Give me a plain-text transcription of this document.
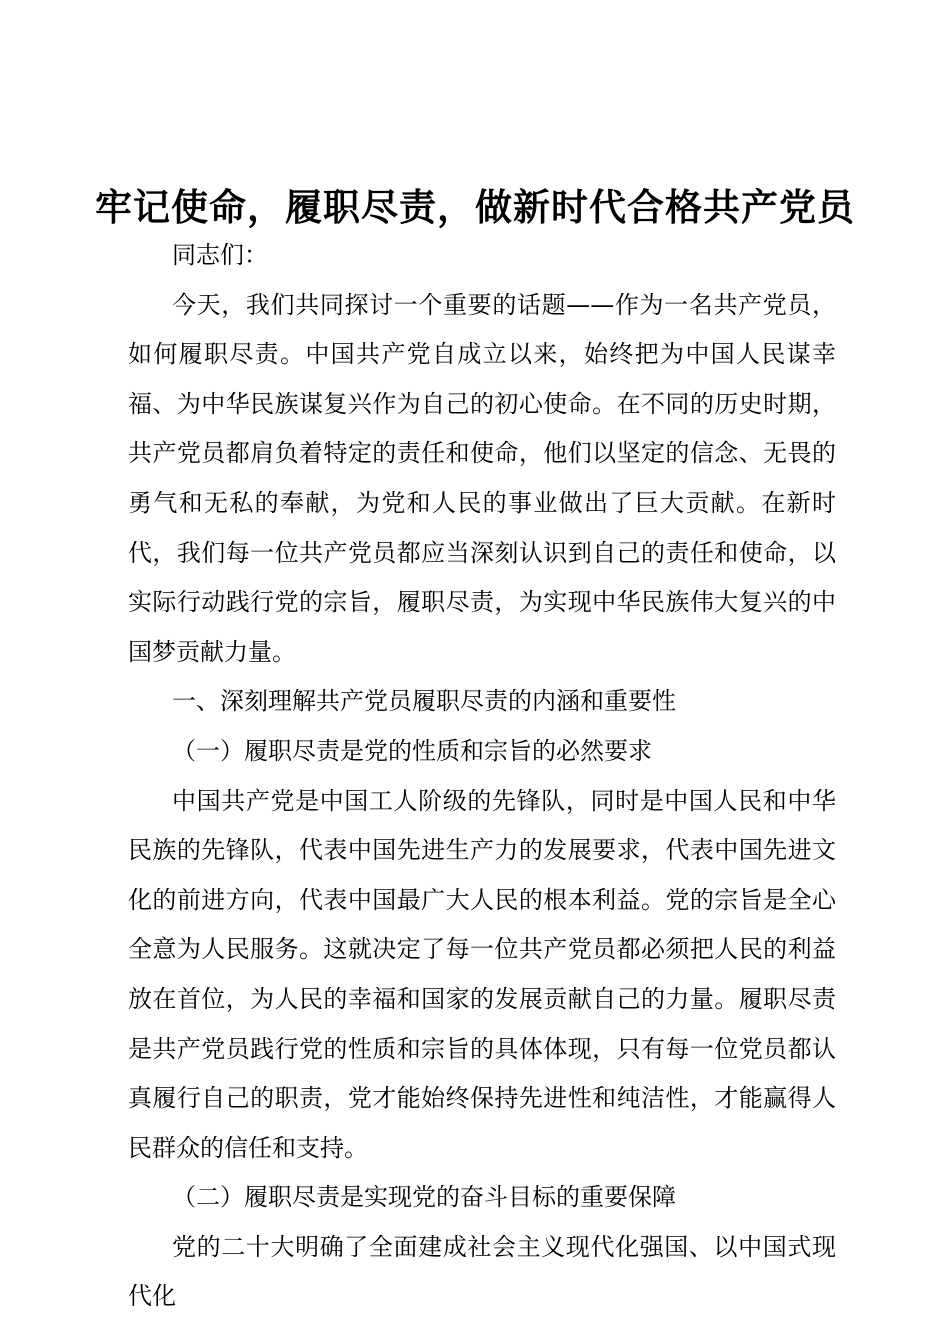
牢记使命，履职尽责，做新时代合格共产党员

同志们：

今天，我们共同探讨一个重要的话题——作为一名共产党员，如何履职尽责。中国共产党自成立以来，始终把为中国人民谋幸福、为中华民族谋复兴作为自己的初心使命。在不同的历史时期，共产党员都肩负着特定的责任和使命，他们以坚定的信念、无畏的勇气和无私的奉献，为党和人民的事业做出了巨大贡献。在新时代，我们每一位共产党员都应当深刻认识到自己的责任和使命，以实际行动践行党的宗旨，履职尽责，为实现中华民族伟大复兴的中国梦贡献力量。

一、深刻理解共产党员履职尽责的内涵和重要性

（一）履职尽责是党的性质和宗旨的必然要求

中国共产党是中国工人阶级的先锋队，同时是中国人民和中华民族的先锋队，代表中国先进生产力的发展要求，代表中国先进文化的前进方向，代表中国最广大人民的根本利益。党的宗旨是全心全意为人民服务。这就决定了每一位共产党员都必须把人民的利益放在首位，为人民的幸福和国家的发展贡献自己的力量。履职尽责是共产党员践行党的性质和宗旨的具体体现，只有每一位党员都认真履行自己的职责，党才能始终保持先进性和纯洁性，才能赢得人民群众的信任和支持。

（二）履职尽责是实现党的奋斗目标的重要保障

党的二十大明确了全面建成社会主义现代化强国、以中国式现代化
